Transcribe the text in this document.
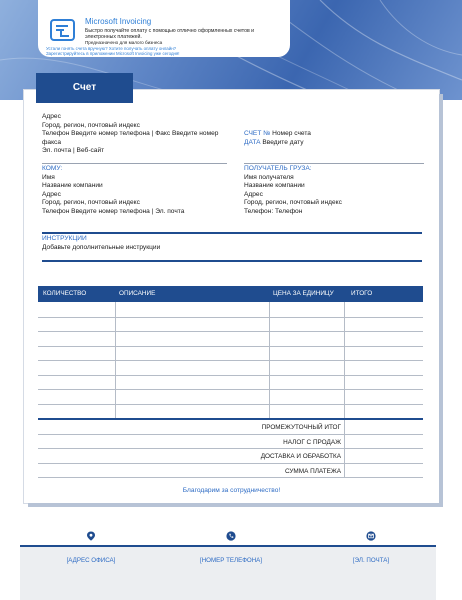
Microsoft Invoicing
Быстро получайте оплату с помощью отлично оформленных счетов и электронных платежей.
Предназначено для малого бизнеса
Устали гонять счета вручную? Хотите получать оплату онлайн?
Зарегистрируйтесь в приложении Microsoft Invoicing уже сегодня!
Счет
Адрес
Город, регион, почтовый индекс
Телефон Введите номер телефона | Факс Введите номер факса
Эл. почта | Веб-сайт
СЧЕТ № Номер счета
ДАТА Введите дату
КОМУ:
Имя
Название компании
Адрес
Город, регион, почтовый индекс
Телефон Введите номер телефона | Эл. почта
ПОЛУЧАТЕЛЬ ГРУЗА:
Имя получателя
Название компании
Адрес
Город, регион, почтовый индекс
Телефон: Телефон
ИНСТРУКЦИИ
Добавьте дополнительные инструкции
КОЛИЧЕСТВО	ОПИСАНИЕ	ЦЕНА ЗА ЕДИНИЦУ	ИТОГО
ПРОМЕЖУТОЧНЫЙ ИТОГ
НАЛОГ С ПРОДАЖ
ДОСТАВКА И ОБРАБОТКА
СУММА ПЛАТЕЖА
Благодарим за сотрудничество!
[АДРЕС ОФИСА]	[НОМЕР ТЕЛЕФОНА]	[ЭЛ. ПОЧТА]
